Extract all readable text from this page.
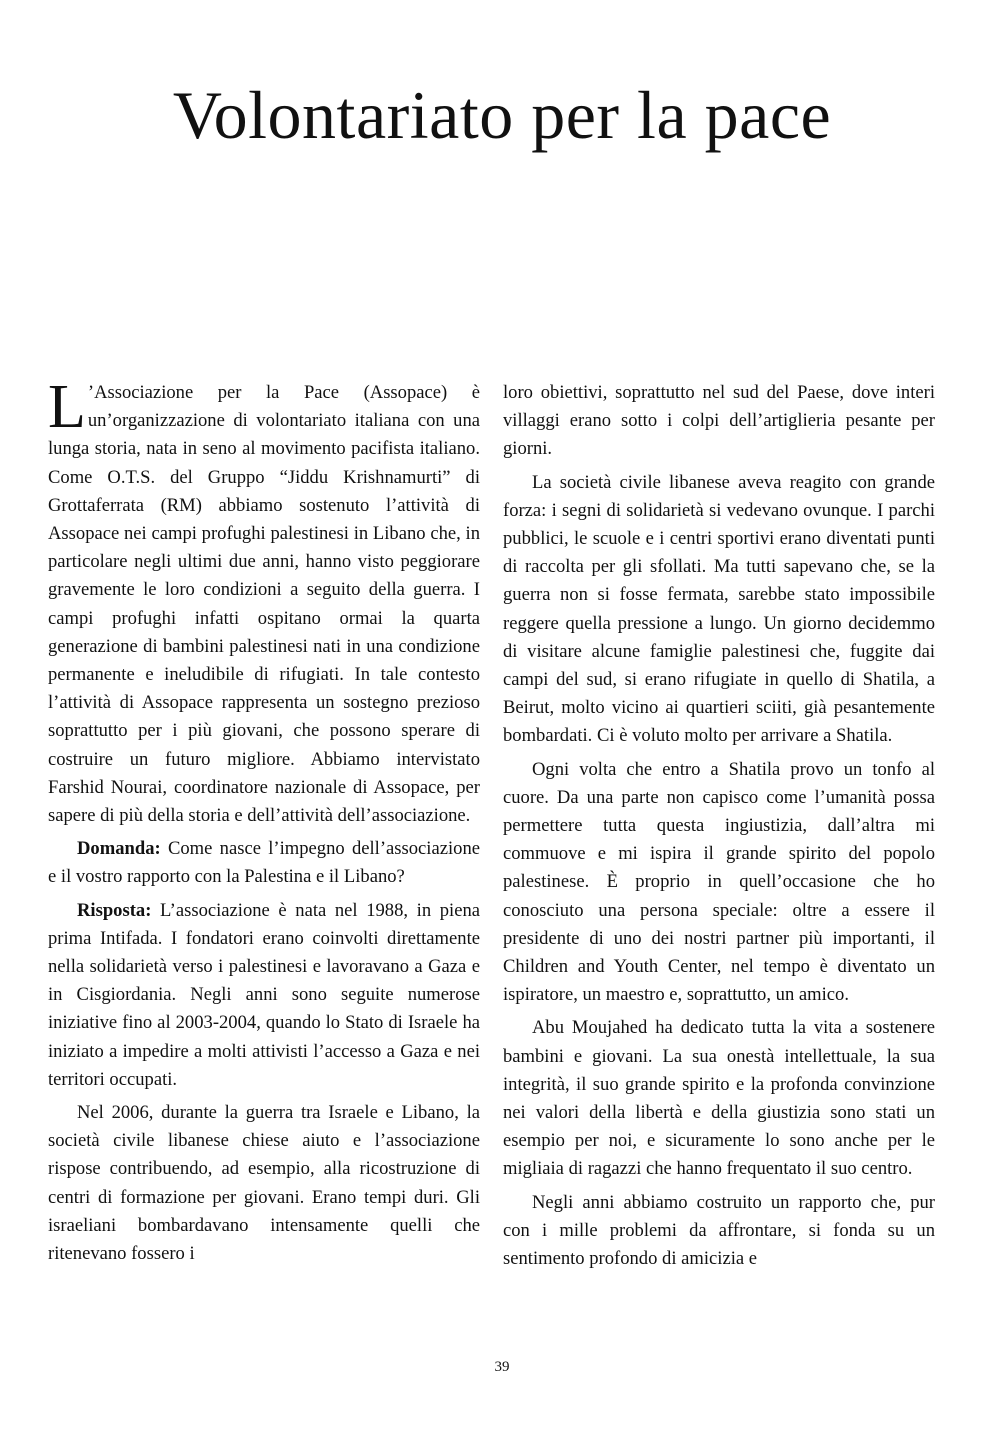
Volontariato per la pace

L ’Associazione per la Pace (Assopace) è un’organizzazione di volontariato italiana con una lunga storia, nata in seno al movimento pacifista italiano. Come O.T.S. del Gruppo “Jiddu Krishnamurti” di Grottaferrata (RM) abbiamo sostenuto l’attività di Assopace nei campi profughi palestinesi in Libano che, in particolare negli ultimi due anni, hanno visto peggiorare gravemente le loro condizioni a seguito della guerra. I campi profughi infatti ospitano ormai la quarta generazione di bambini palestinesi nati in una condizione permanente e ineludibile di rifugiati. In tale contesto l’attività di Assopace rappresenta un sostegno prezioso soprattutto per i più giovani, che possono sperare di costruire un futuro migliore. Abbiamo intervistato Farshid Nourai, coordinatore nazionale di Assopace, per sapere di più della storia e dell’attività dell’associazione.

Domanda: Come nasce l’impegno dell’associazione e il vostro rapporto con la Palestina e il Libano?

Risposta: L’associazione è nata nel 1988, in piena prima Intifada. I fondatori erano coinvolti direttamente nella solidarietà verso i palestinesi e lavoravano a Gaza e in Cisgiordania. Negli anni sono seguite numerose iniziative fino al 2003-2004, quando lo Stato di Israele ha iniziato a impedire a molti attivisti l’accesso a Gaza e nei territori occupati.

Nel 2006, durante la guerra tra Israele e Libano, la società civile libanese chiese aiuto e l’associazione rispose contribuendo, ad esempio, alla ricostruzione di centri di formazione per giovani. Erano tempi duri. Gli israeliani bombardavano intensamente quelli che ritenevano fossero i

loro obiettivi, soprattutto nel sud del Paese, dove interi villaggi erano sotto i colpi dell’artiglieria pesante per giorni.

La società civile libanese aveva reagito con grande forza: i segni di solidarietà si vedevano ovunque. I parchi pubblici, le scuole e i centri sportivi erano diventati punti di raccolta per gli sfollati. Ma tutti sapevano che, se la guerra non si fosse fermata, sarebbe stato impossibile reggere quella pressione a lungo. Un giorno decidemmo di visitare alcune famiglie palestinesi che, fuggite dai campi del sud, si erano rifugiate in quello di Shatila, a Beirut, molto vicino ai quartieri sciiti, già pesantemente bombardati. Ci è voluto molto per arrivare a Shatila.

Ogni volta che entro a Shatila provo un tonfo al cuore. Da una parte non capisco come l’umanità possa permettere tutta questa ingiustizia, dall’altra mi commuove e mi ispira il grande spirito del popolo palestinese. È proprio in quell’occasione che ho conosciuto una persona speciale: oltre a essere il presidente di uno dei nostri partner più importanti, il Children and Youth Center, nel tempo è diventato un ispiratore, un maestro e, soprattutto, un amico.

Abu Moujahed ha dedicato tutta la vita a sostenere bambini e giovani. La sua onestà intellettuale, la sua integrità, il suo grande spirito e la profonda convinzione nei valori della libertà e della giustizia sono stati un esempio per noi, e sicuramente lo sono anche per le migliaia di ragazzi che hanno frequentato il suo centro.

Negli anni abbiamo costruito un rapporto che, pur con i mille problemi da affrontare, si fonda su un sentimento profondo di amicizia e

39
